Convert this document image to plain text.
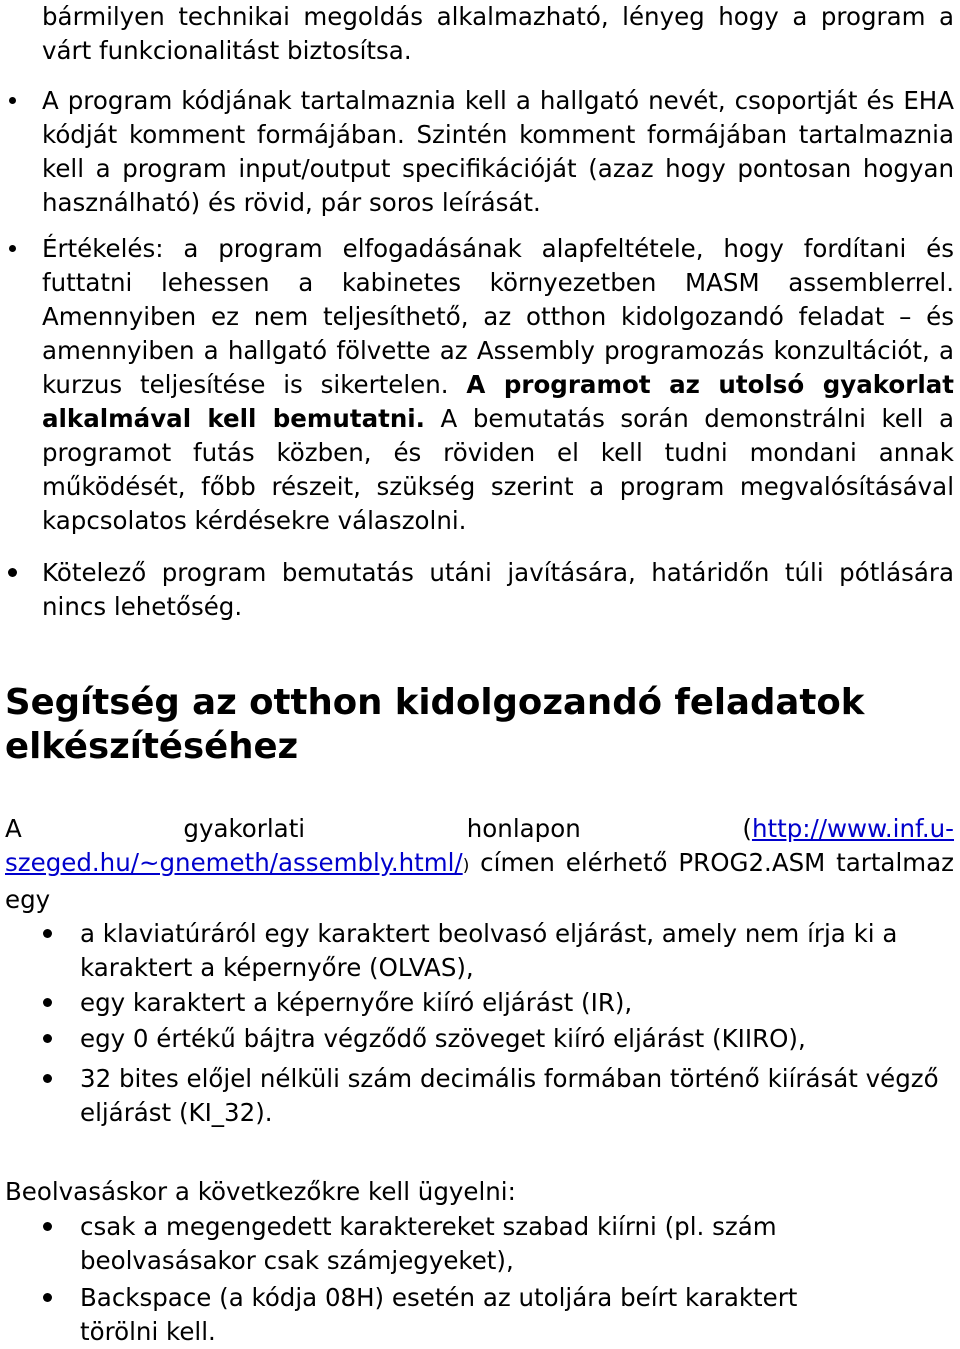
bármilyen technikai megoldás alkalmazható, lényeg hogy a program a várt funkcionalitást biztosítsa.

A program kódjának tartalmaznia kell a hallgató nevét, csoportját és EHA kódját komment formájában. Szintén komment formájában tartalmaznia kell a program input/output specifikációját (azaz hogy pontosan hogyan használható) és rövid, pár soros leírását.

Értékelés: a program elfogadásának alapfeltétele, hogy fordítani és futtatni lehessen a kabinetes környezetben MASM assemblerrel. Amennyiben ez nem teljesíthető, az otthon kidolgozandó feladat – és amennyiben a hallgató fölvette az Assembly programozás konzultációt, a kurzus teljesítése is sikertelen. A programot az utolsó gyakorlat alkalmával kell bemutatni. A bemutatás során demonstrálni kell a programot futás közben, és röviden el kell tudni mondani annak működését, főbb részeit, szükség szerint a program megvalósításával kapcsolatos kérdésekre válaszolni.

Kötelező program bemutatás utáni javítására, határidőn túli pótlására nincs lehetőség.

Segítség az otthon kidolgozandó feladatok elkészítéséhez

A gyakorlati honlapon (http://www.inf.u-szeged.hu/~gnemeth/assembly.html/) címen elérhető PROG2.ASM tartalmaz egy

a klaviatúráról egy karaktert beolvasó eljárást, amely nem írja ki a karaktert a képernyőre (OLVAS),

egy karaktert a képernyőre kiíró eljárást (IR),

egy 0 értékű bájtra végződő szöveget kiíró eljárást (KIIRO),

32 bites előjel nélküli szám decimális formában történő kiírását végző eljárást (KI_32).

Beolvasáskor a következőkre kell ügyelni:

csak a megengedett karaktereket szabad kiírni (pl. szám beolvasásakor csak számjegyeket),

Backspace (a kódja 08H) esetén az utoljára beírt karaktert törölni kell.
